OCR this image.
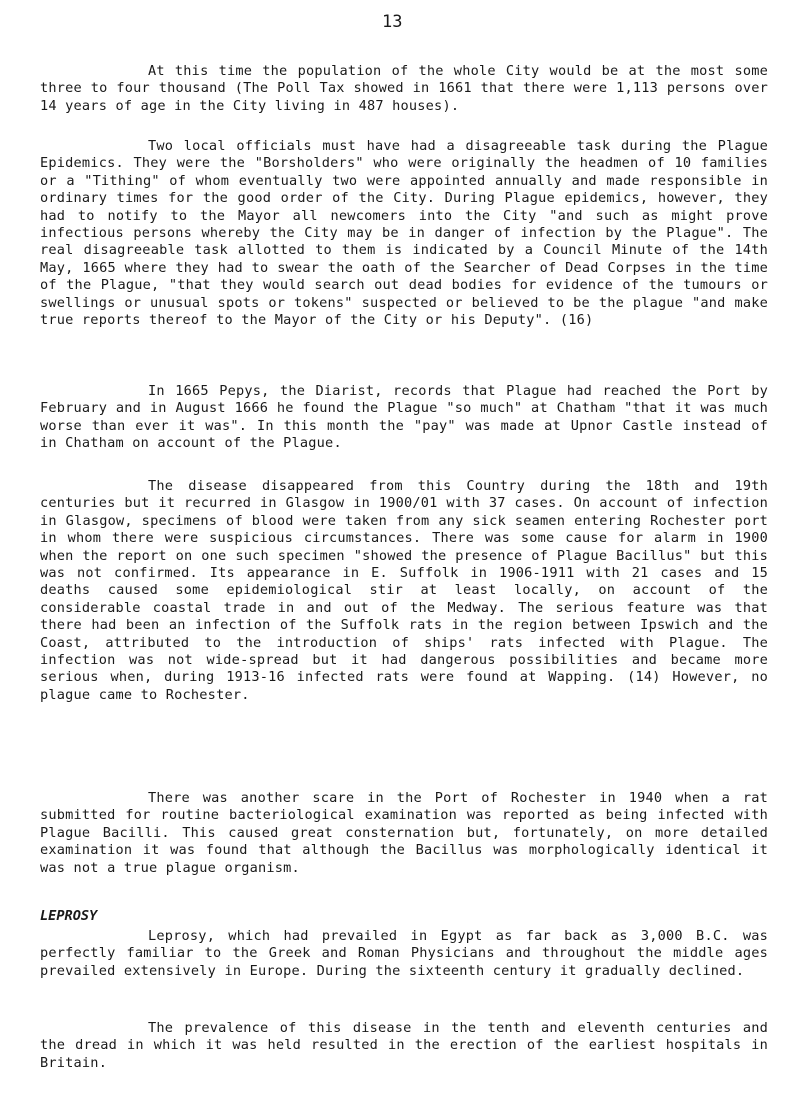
13

At this time the population of the whole City would be at the most some three to four thousand (The Poll Tax showed in 1661 that there were 1,113 persons over 14 years of age in the City living in 487 houses).

Two local officials must have had a disagreeable task during the Plague Epidemics. They were the "Borsholders" who were originally the headmen of 10 families or a "Tithing" of whom eventually two were appointed annually and made responsible in ordinary times for the good order of the City. During Plague epidemics, however, they had to notify to the Mayor all newcomers into the City "and such as might prove infectious persons whereby the City may be in danger of infection by the Plague". The real disagreeable task allotted to them is indicated by a Council Minute of the 14th May, 1665 where they had to swear the oath of the Searcher of Dead Corpses in the time of the Plague, "that they would search out dead bodies for evidence of the tumours or swellings or unusual spots or tokens" suspected or believed to be the plague "and make true reports thereof to the Mayor of the City or his Deputy". (16)

In 1665 Pepys, the Diarist, records that Plague had reached the Port by February and in August 1666 he found the Plague "so much" at Chatham "that it was much worse than ever it was". In this month the "pay" was made at Upnor Castle instead of in Chatham on account of the Plague.

The disease disappeared from this Country during the 18th and 19th centuries but it recurred in Glasgow in 1900/01 with 37 cases. On account of infection in Glasgow, specimens of blood were taken from any sick seamen entering Rochester port in whom there were suspicious circumstances. There was some cause for alarm in 1900 when the report on one such specimen "showed the presence of Plague Bacillus" but this was not confirmed. Its appearance in E. Suffolk in 1906-1911 with 21 cases and 15 deaths caused some epidemiological stir at least locally, on account of the considerable coastal trade in and out of the Medway. The serious feature was that there had been an infection of the Suffolk rats in the region between Ipswich and the Coast, attributed to the introduction of ships' rats infected with Plague. The infection was not wide-spread but it had dangerous possibilities and became more serious when, during 1913-16 infected rats were found at Wapping. (14) However, no plague came to Rochester.

There was another scare in the Port of Rochester in 1940 when a rat submitted for routine bacteriological examination was reported as being infected with Plague Bacilli. This caused great consternation but, fortunately, on more detailed examination it was found that although the Bacillus was morphologically identical it was not a true plague organism.

LEPROSY

Leprosy, which had prevailed in Egypt as far back as 3,000 B.C. was perfectly familiar to the Greek and Roman Physicians and throughout the middle ages prevailed extensively in Europe. During the sixteenth century it gradually declined.

The prevalence of this disease in the tenth and eleventh centuries and the dread in which it was held resulted in the erection of the earliest hospitals in Britain.
